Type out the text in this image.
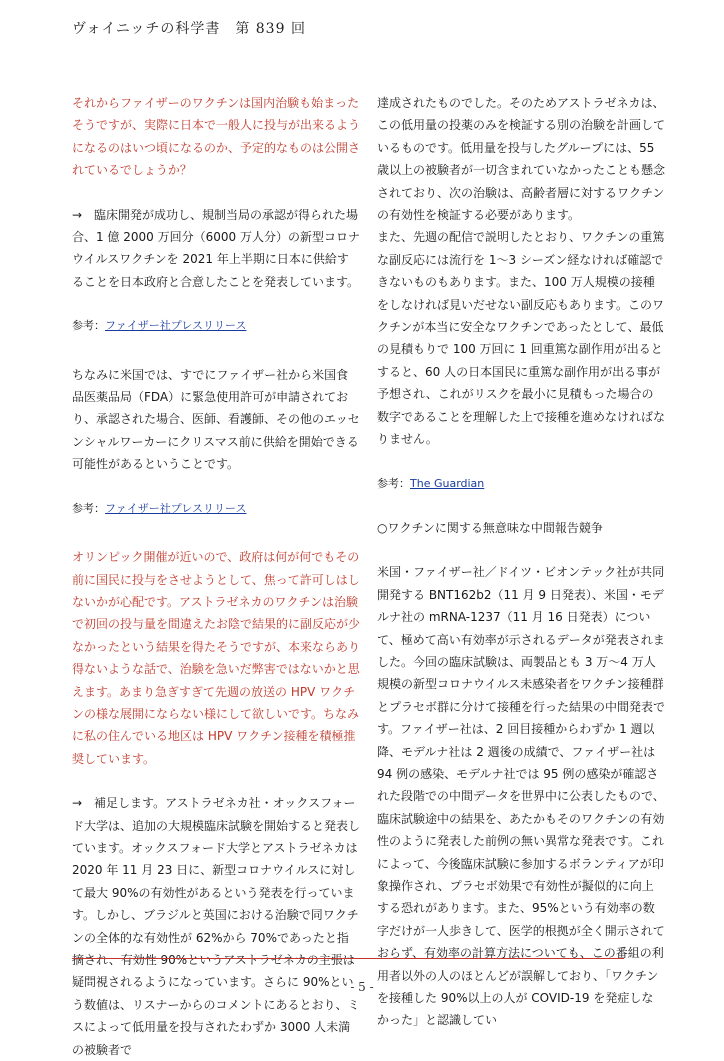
ヴォイニッチの科学書　第 839 回

それからファイザーのワクチンは国内治験も始まったそうですが、実際に日本で一般人に投与が出来るようになるのはいつ頃になるのか、予定的なものは公開されているでしょうか？

→　臨床開発が成功し、規制当局の承認が得られた場合、1 億 2000 万回分（6000 万人分）の新型コロナウイルスワクチンを 2021 年上半期に日本に供給することを日本政府と合意したことを発表しています。

参考：ファイザー社プレスリリース

ちなみに米国では、すでにファイザー社から米国食品医薬品局（FDA）に緊急使用許可が申請されており、承認された場合、医師、看護師、その他のエッセンシャルワーカーにクリスマス前に供給を開始できる可能性があるということです。

参考：ファイザー社プレスリリース

オリンピック開催が近いので、政府は何が何でもその前に国民に投与をさせようとして、焦って許可しはしないかが心配です。アストラゼネカのワクチンは治験で初回の投与量を間違えたお陰で結果的に副反応が少なかったという結果を得たそうですが、本来ならあり得ないような話で、治験を急いだ弊害ではないかと思えます。あまり急ぎすぎて先週の放送の HPV ワクチンの様な展開にならない様にして欲しいです。ちなみに私の住んでいる地区は HPV ワクチン接種を積極推奨しています。

→　補足します。アストラゼネカ社・オックスフォード大学は、追加の大規模臨床試験を開始すると発表しています。オックスフォード大学とアストラゼネカは 2020 年 11 月 23 日に、新型コロナウイルスに対して最大 90%の有効性があるという発表を行っています。しかし、ブラジルと英国における治験で同ワクチンの全体的な有効性が 62%から 70%であったと指摘され、有効性 90%というアストラゼネカの主張は疑問視されるようになっています。さらに 90%という数値は、リスナーからのコメントにあるとおり、ミスによって低用量を投与されたわずか 3000 人未満の被験者で

達成されたものでした。そのためアストラゼネカは、この低用量の投薬のみを検証する別の治験を計画しているものです。低用量を投与したグループには、55 歳以上の被験者が一切含まれていなかったことも懸念されており、次の治験は、高齢者層に対するワクチンの有効性を検証する必要があります。

また、先週の配信で説明したとおり、ワクチンの重篤な副反応には流行を 1～3 シーズン経なければ確認できないものもあります。また、100 万人規模の接種をしなければ見いだせない副反応もあります。このワクチンが本当に安全なワクチンであったとして、最低の見積もりで 100 万回に 1 回重篤な副作用が出るとすると、60 人の日本国民に重篤な副作用が出る事が予想され、これがリスクを最小に見積もった場合の数字であることを理解した上で接種を進めなければなりません。

参考：The Guardian

○ワクチンに関する無意味な中間報告競争

米国・ファイザー社／ドイツ・ビオンテック社が共同開発する BNT162b2（11 月 9 日発表）、米国・モデルナ社の mRNA-1237（11 月 16 日発表）について、極めて高い有効率が示されるデータが発表されました。今回の臨床試験は、両製品とも 3 万～4 万人規模の新型コロナウイルス未感染者をワクチン接種群とプラセボ群に分けて接種を行った結果の中間発表です。ファイザー社は、2 回目接種からわずか 1 週以降、モデルナ社は 2 週後の成績で、ファイザー社は 94 例の感染、モデルナ社では 95 例の感染が確認された段階での中間データを世界中に公表したもので、臨床試験途中の結果を、あたかもそのワクチンの有効性のように発表した前例の無い異常な発表です。これによって、今後臨床試験に参加するボランティアが印象操作され、プラセボ効果で有効性が擬似的に向上する恐れがあります。また、95%という有効率の数字だけが一人歩きして、医学的根拠が全く開示されておらず、有効率の計算方法についても、この番組の利用者以外の人のほとんどが誤解しており、「ワクチンを接種した 90%以上の人が COVID-19 を発症しなかった」と認識してい

- 5 -
